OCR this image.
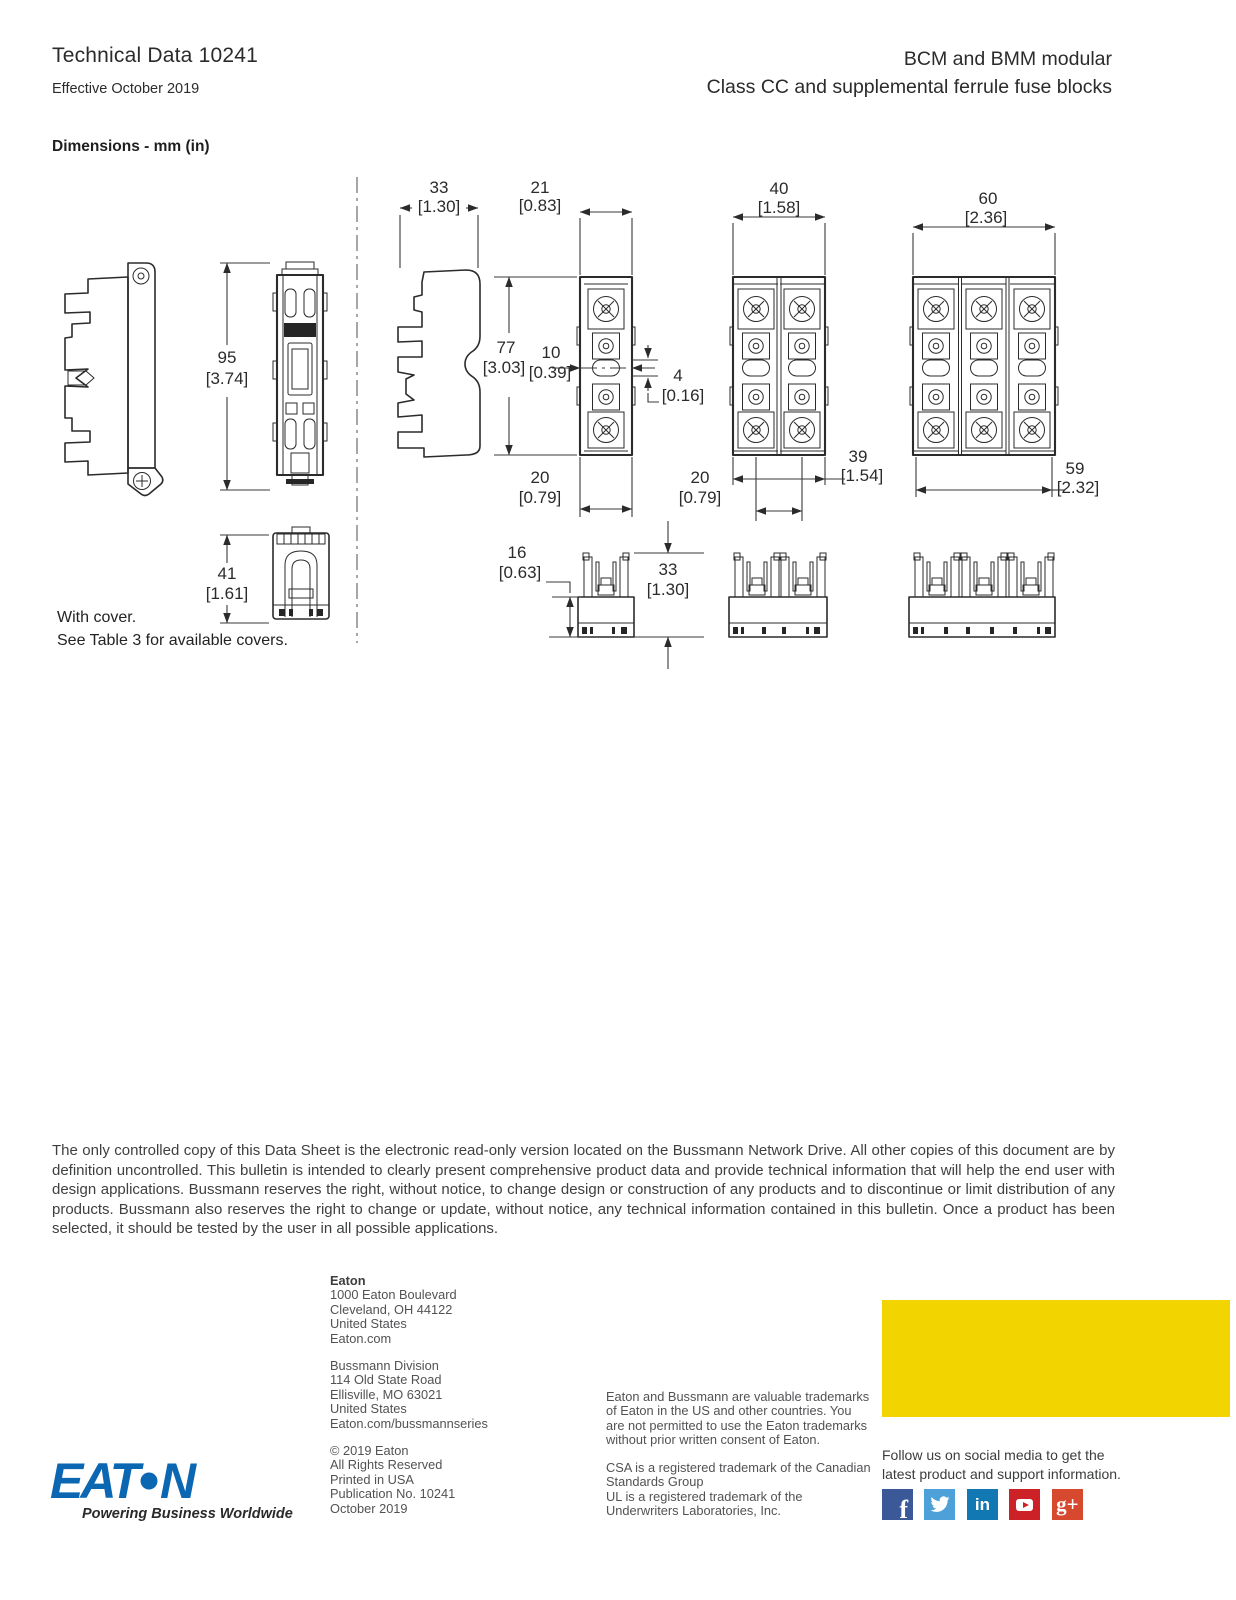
Technical Data 10241
Effective October 2019
BCM and BMM modular
Class CC and supplemental ferrule fuse blocks
Dimensions - mm (in)
95
[3.74]
41
[1.61]
33
[1.30]
21
[0.83]
77
[3.03]
10
[0.39]	4
[0.16]
20
[0.79]
40
[1.58]
39
[1.54]
20
[0.79]
60
[2.36]
59
[2.32]
16
[0.63]	33
[1.30]
With cover.
See Table 3 for available covers.
The only controlled copy of this Data Sheet is the electronic read-only version located on the Bussmann Network Drive. All other copies of this document are by definition uncontrolled. This bulletin is intended to clearly present comprehensive product data and provide technical information that will help the end user with design applications. Bussmann reserves the right, without notice, to change design or construction of any products and to discontinue or limit distribution of any products. Bussmann also reserves the right to change or update, without notice, any technical information contained in this bulletin. Once a product has been selected, it should be tested by the user in all possible applications.
Eaton
1000 Eaton Boulevard
Cleveland, OH 44122
United States
Eaton.com
Bussmann Division
114 Old State Road
Ellisville, MO 63021
United States
Eaton.com/bussmannseries
© 2019 Eaton
All Rights Reserved
Printed in USA
Publication No. 10241
October 2019
Eaton and Bussmann are valuable trademarks
of Eaton in the US and other countries. You
are not permitted to use the Eaton trademarks
without prior written consent of Eaton.
CSA is a registered trademark of the Canadian
Standards Group
UL is a registered trademark of the
Underwriters Laboratories, Inc.
For Eaton’s Bussmann series
product information,
call 1-855-287-7626 or visit:
Eaton.com/bussmannseries
Follow us on social media to get the
latest product and support information.
f

	in

	g+
EAT N
Powering Business Worldwide
